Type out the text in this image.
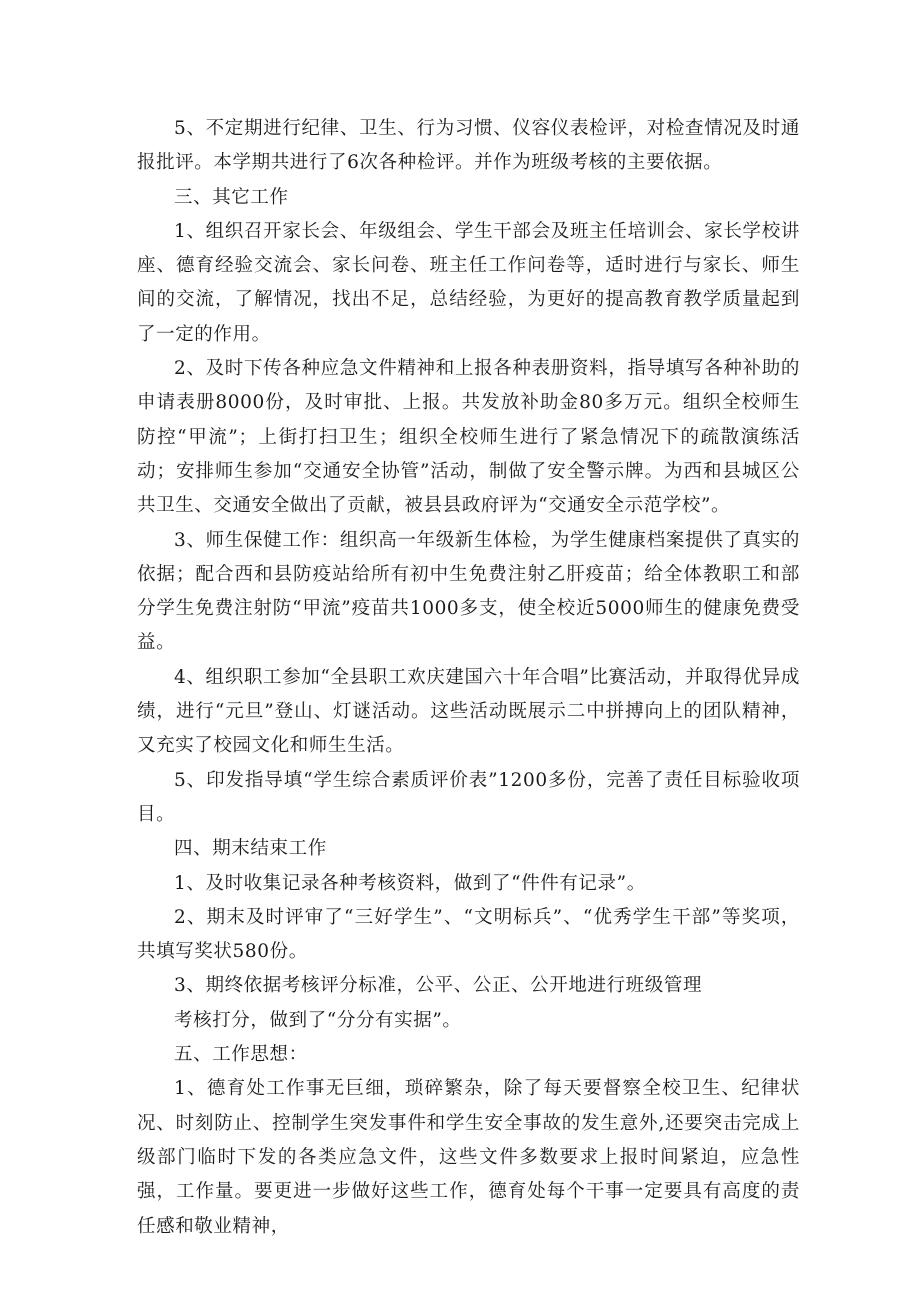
5、不定期进行纪律、卫生、行为习惯、仪容仪表检评，对检查情况及时通报批评。本学期共进行了6次各种检评。并作为班级考核的主要依据。

三、其它工作

1、组织召开家长会、年级组会、学生干部会及班主任培训会、家长学校讲座、德育经验交流会、家长问卷、班主任工作问卷等，适时进行与家长、师生间的交流，了解情况，找出不足，总结经验，为更好的提高教育教学质量起到了一定的作用。

2、及时下传各种应急文件精神和上报各种表册资料，指导填写各种补助的申请表册8000份，及时审批、上报。共发放补助金80多万元。组织全校师生防控“甲流”；上街打扫卫生；组织全校师生进行了紧急情况下的疏散演练活动；安排师生参加“交通安全协管”活动，制做了安全警示牌。为西和县城区公共卫生、交通安全做出了贡献，被县县政府评为“交通安全示范学校”。

3、师生保健工作：组织高一年级新生体检，为学生健康档案提供了真实的依据；配合西和县防疫站给所有初中生免费注射乙肝疫苗；给全体教职工和部分学生免费注射防“甲流”疫苗共1000多支，使全校近5000师生的健康免费受益。

4、组织职工参加“全县职工欢庆建国六十年合唱”比赛活动，并取得优异成绩，进行“元旦”登山、灯谜活动。这些活动既展示二中拼搏向上的团队精神，又充实了校园文化和师生生活。

5、印发指导填“学生综合素质评价表”1200多份，完善了责任目标验收项目。

四、期末结束工作

1、及时收集记录各种考核资料，做到了“件件有记录”。

2、期末及时评审了“三好学生”、“文明标兵”、“优秀学生干部”等奖项，共填写奖状580份。

3、期终依据考核评分标准，公平、公正、公开地进行班级管理

考核打分，做到了“分分有实据”。

五、工作思想：

1、德育处工作事无巨细，琐碎繁杂，除了每天要督察全校卫生、纪律状况、时刻防止、控制学生突发事件和学生安全事故的发生意外,还要突击完成上级部门临时下发的各类应急文件，这些文件多数要求上报时间紧迫，应急性强，工作量。要更进一步做好这些工作，德育处每个干事一定要具有高度的责任感和敬业精神，
